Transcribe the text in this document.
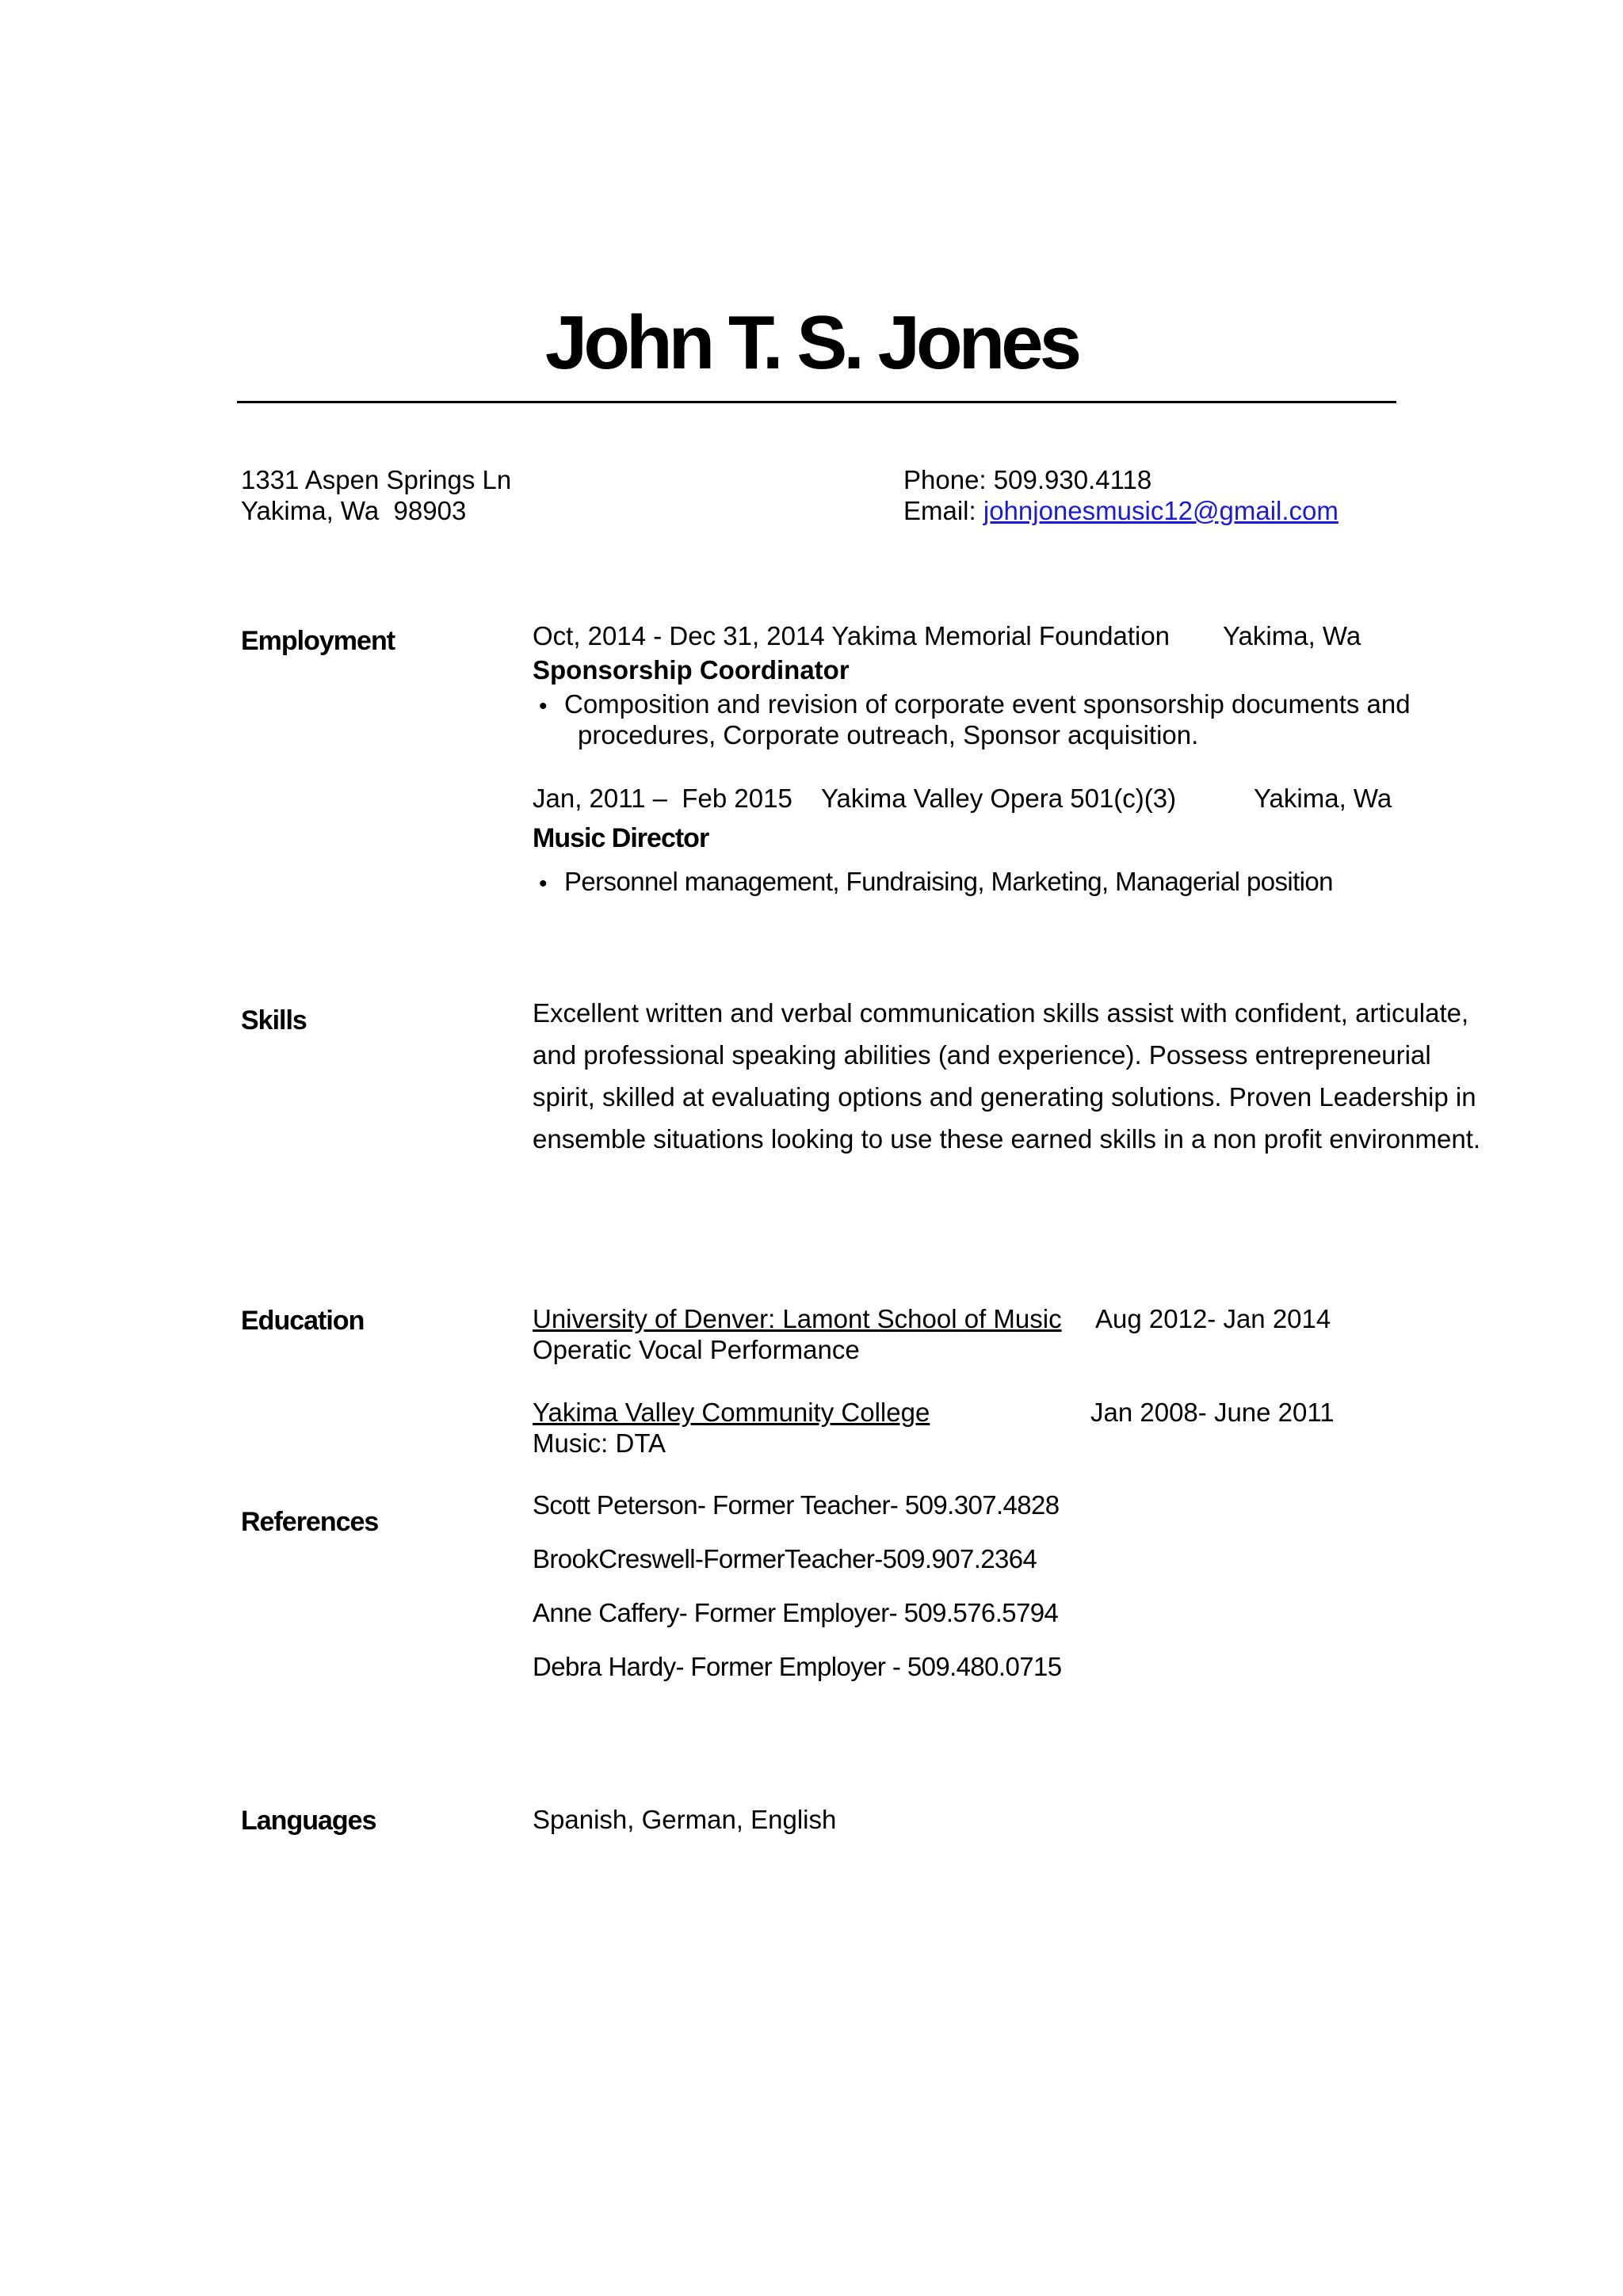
John T. S. Jones
1331 Aspen Springs Ln
Yakima, Wa  98903
Phone: 509.930.4118
Email: johnjonesmusic12@gmail.com
Employment	Oct, 2014 - Dec 31, 2014 Yakima Memorial Foundation Yakima, Wa
Sponsorship Coordinator
• Composition and revision of corporate event sponsorship documents and
procedures, Corporate outreach, Sponsor acquisition.
Jan, 2011 –  Feb 2015 Yakima Valley Opera 501(c)(3)	Yakima, Wa
Music Director
• Personnel management, Fundraising, Marketing, Managerial position
Skills	Excellent written and verbal communication skills assist with confident, articulate, and professional speaking abilities (and experience). Possess entrepreneurial spirit, skilled at evaluating options and generating solutions. Proven Leadership in ensemble situations looking to use these earned skills in a non profit environment.
Education	University of Denver: Lamont School of Music Aug 2012- Jan 2014
Operatic Vocal Performance
Yakima Valley Community College	Jan 2008- June 2011
Music: DTA
References
Scott Peterson- Former Teacher- 509.307.4828
BrookCreswell-FormerTeacher-509.907.2364
Anne Caffery- Former Employer- 509.576.5794
Debra Hardy- Former Employer - 509.480.0715
Languages	Spanish, German, English
